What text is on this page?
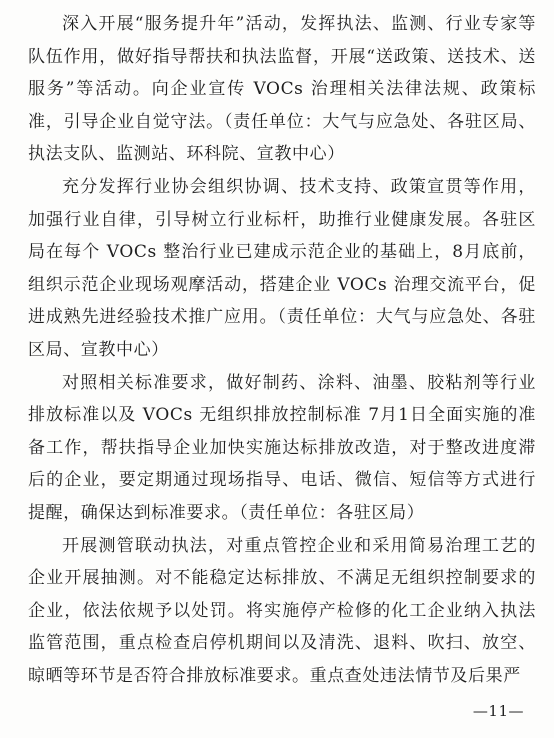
深入开展“服务提升年”活动，发挥执法、监测、行业专家等队伍作用，做好指导帮扶和执法监督，开展“送政策、送技术、送服务”等活动。向企业宣传 VOCs 治理相关法律法规、政策标准，引导企业自觉守法。（责任单位：大气与应急处、各驻区局、执法支队、监测站、环科院、宣教中心）

充分发挥行业协会组织协调、技术支持、政策宣贯等作用，加强行业自律，引导树立行业标杆，助推行业健康发展。各驻区局在每个 VOCs 整治行业已建成示范企业的基础上，8月底前，组织示范企业现场观摩活动，搭建企业 VOCs 治理交流平台，促进成熟先进经验技术推广应用。（责任单位：大气与应急处、各驻区局、宣教中心）

对照相关标准要求，做好制药、涂料、油墨、胶粘剂等行业排放标准以及 VOCs 无组织排放控制标准 7月1日全面实施的准备工作，帮扶指导企业加快实施达标排放改造，对于整改进度滞后的企业，要定期通过现场指导、电话、微信、短信等方式进行提醒，确保达到标准要求。（责任单位：各驻区局）

开展测管联动执法，对重点管控企业和采用简易治理工艺的企业开展抽测。对不能稳定达标排放、不满足无组织控制要求的企业，依法依规予以处罚。将实施停产检修的化工企业纳入执法监管范围，重点检查启停机期间以及清洗、退料、吹扫、放空、晾晒等环节是否符合排放标准要求。重点查处违法情节及后果严

—11—
